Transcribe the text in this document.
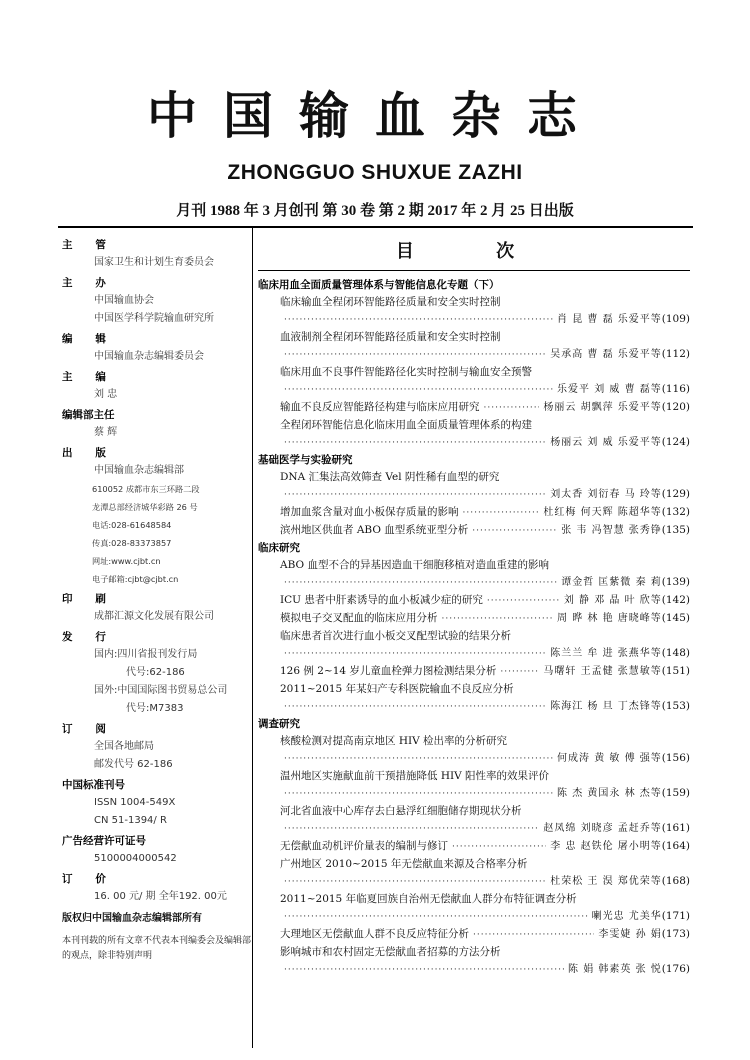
中国输血杂志
ZHONGGUO SHUXUE ZAZHI
月刊 1988 年 3 月创刊 第 30 卷 第 2 期 2017 年 2 月 25 日出版
主 管
国家卫生和计划生育委员会
主 办
中国输血协会
中国医学科学院输血研究所
编 辑
中国输血杂志编辑委员会
主 编
刘 忠
编辑部主任
蔡 辉
出 版
中国输血杂志编辑部
610052 成都市东三环路二段
龙潭总部经济城华彩路 26 号
电话:028-61648584
传真:028-83373857
网址:www.cjbt.cn
电子邮箱:cjbt@cjbt.cn
印 刷
成都汇源文化发展有限公司
发 行
国内:四川省报刊发行局
代号:62-186
国外:中国国际图书贸易总公司
代号:M7383
订 阅
全国各地邮局
邮发代号 62-186
中国标准刊号
ISSN 1004-549X
CN 51-1394/ R
广告经营许可证号
5100004000542
订 价
16. 00 元/ 期 全年192. 00元
版权归中国输血杂志编辑部所有
本刊刊载的所有文章不代表本刊编委会及编辑部的观点，除非特别声明
目 次
临床用血全面质量管理体系与智能信息化专题（下）
临床输血全程闭环智能路径质量和安全实时控制
·····
肖 昆 曹 磊 乐爱平等 (109)
血液制剂全程闭环智能路径质量和安全实时控制
·····
吴承高 曹 磊 乐爱平等 (112)
临床用血不良事件智能路径化实时控制与输血安全预警
·····
乐爱平 刘 威 曹 磊等 (116)
输血不良反应智能路径构建与临床应用研究 ·····	杨丽云 胡飘萍 乐爱平等 (120)
全程闭环智能信息化临床用血全面质量管理体系的构建
·····
杨丽云 刘 威 乐爱平等 (124)
基础医学与实验研究
DNA 汇集法高效筛查 Vel 阴性稀有血型的研究
·····
刘太香 刘衍春 马 玲等 (129)
增加血浆含量对血小板保存质量的影响 ·····	杜红梅 何天辉 陈超华等 (132)
滨州地区供血者 ABO 血型系统亚型分析 ·····	张 韦 冯智慧 张秀铮 (135)
临床研究
ABO 血型不合的异基因造血干细胞移植对造血重建的影响
·····
谭金哲 匡紫微 秦 莉 (139)
ICU 患者中肝素诱导的血小板减少症的研究 ·····	刘 静 邓 晶 叶 欣等 (142)
模拟电子交叉配血的临床应用分析 ·····	周 晔 林 艳 唐晓峰等 (145)
临床患者首次进行血小板交叉配型试验的结果分析
·····
陈兰兰 牟 进 张燕华等 (148)
126 例 2~14 岁儿童血栓弹力图检测结果分析 ·····	马曙轩 王孟健 张慧敏等 (151)
2011~2015 年某妇产专科医院输血不良反应分析
·····
陈海江 杨 旦 丁杰锋等 (153)
调查研究
核酸检测对提高南京地区 HIV 检出率的分析研究
·····
何成涛 黄 敏 傅 强等 (156)
温州地区实施献血前干预措施降低 HIV 阳性率的效果评价
·····
陈 杰 黄国永 林 杰等 (159)
河北省血液中心库存去白悬浮红细胞储存期现状分析
·····
赵凤绵 刘晓彦 孟赶乔等 (161)
无偿献血动机评价量表的编制与修订 ·····	李 忠 赵铁伦 屠小明等 (164)
广州地区 2010~2015 年无偿献血来源及合格率分析
·····
杜荣松 王 淏 郑优荣等 (168)
2011~2015 年临夏回族自治州无偿献血人群分布特征调查分析
·····
喇光忠 尤美华 (171)
大理地区无偿献血人群不良反应特征分析 ·····	李雯婕 孙 娟 (173)
影响城市和农村固定无偿献血者招募的方法分析
·····
陈 娟 韩素英 张 悦 (176)
